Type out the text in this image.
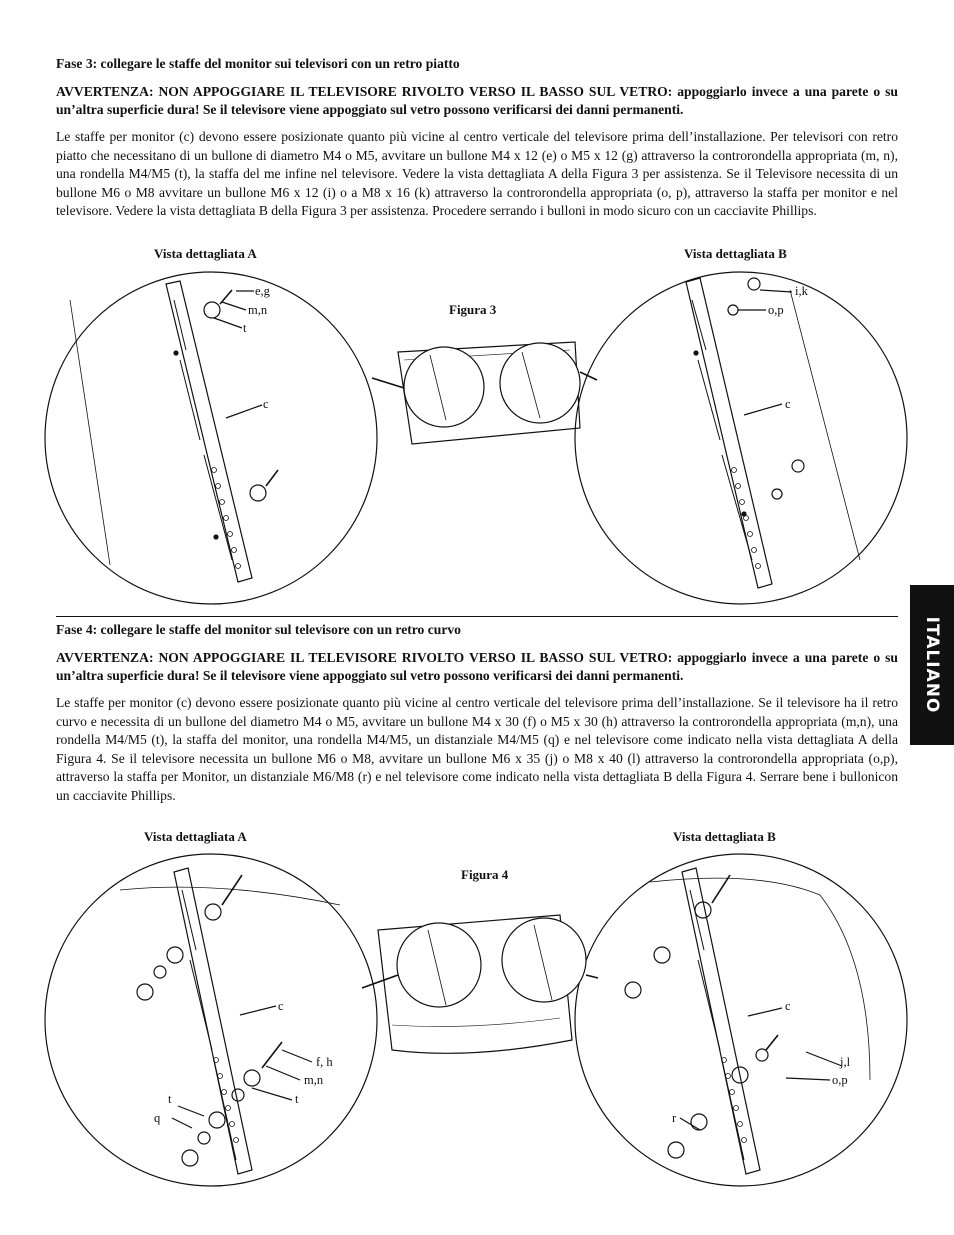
Fase 3: collegare le staffe del monitor sui televisori con un retro piatto

AVVERTENZA: NON APPOGGIARE IL TELEVISORE RIVOLTO VERSO IL BASSO SUL VETRO: appoggiarlo invece a una parete o su un’altra superficie dura! Se il televisore viene appoggiato sul vetro possono verificarsi dei danni permanenti.

Le staffe per monitor (c) devono essere posizionate quanto più vicine al centro verticale del televisore prima dell’installazione. Per televisori con retro piatto che necessitano di un bullone di diametro M4 o M5, avvitare un bullone M4 x 12 (e) o M5 x 12 (g) attraverso la controrondella appropriata (m, n), una rondella M4/M5 (t), la staffa del me infine nel televisore. Vedere la vista dettagliata A della Figura 3 per assistenza. Se il Televisore necessita di un bullone M6 o M8 avvitare un bullone M6 x 12 (i) o a M8 x 16 (k) attraverso la controrondella appropriata (o, p), attraverso la staffa per monitor e nel televisore. Vedere la vista dettagliata B della Figura 3 per assistenza. Procedere serrando i bulloni in modo sicuro con un cacciavite Phillips.

Vista dettagliata A	Vista dettagliata B
Figura 3
e,g
m,n
t
c
i,k
o,p
c
ITALIANO

Fase 4: collegare le staffe del monitor sul televisore con un retro curvo

AVVERTENZA: NON APPOGGIARE IL TELEVISORE RIVOLTO VERSO IL BASSO SUL VETRO: appoggiarlo invece a una parete o su un’altra superficie dura! Se il televisore viene appoggiato sul vetro possono verificarsi dei danni permanenti.

Le staffe per monitor (c) devono essere posizionate quanto più vicine al centro verticale del televisore prima dell’installazione. Se il televisore ha il retro curvo e necessita di un bullone del diametro M4 o M5, avvitare un bullone M4 x 30 (f) o M5 x 30 (h) attraverso la controrondella appropriata (m,n), una rondella M4/M5 (t), la staffa del monitor, una rondella M4/M5, un distanziale M4/M5 (q) e nel televisore come indicato nella vista dettagliata A della Figura 4. Se il televisore necessita un bullone M6 o M8, avvitare un bullone M6 x 35 (j) o M8 x 40 (l) attraverso la controrondella appropriata (o,p), attraverso la staffa per Monitor, un distanziale M6/M8 (r) e nel televisore come indicato nella vista dettagliata B della Figura 4. Serrare bene i bullonicon un cacciavite Phillips.

Vista dettagliata A	Vista dettagliata B
Figura 4
c
f, h
m,n
t
t
q
c
j,l
o,p
r
